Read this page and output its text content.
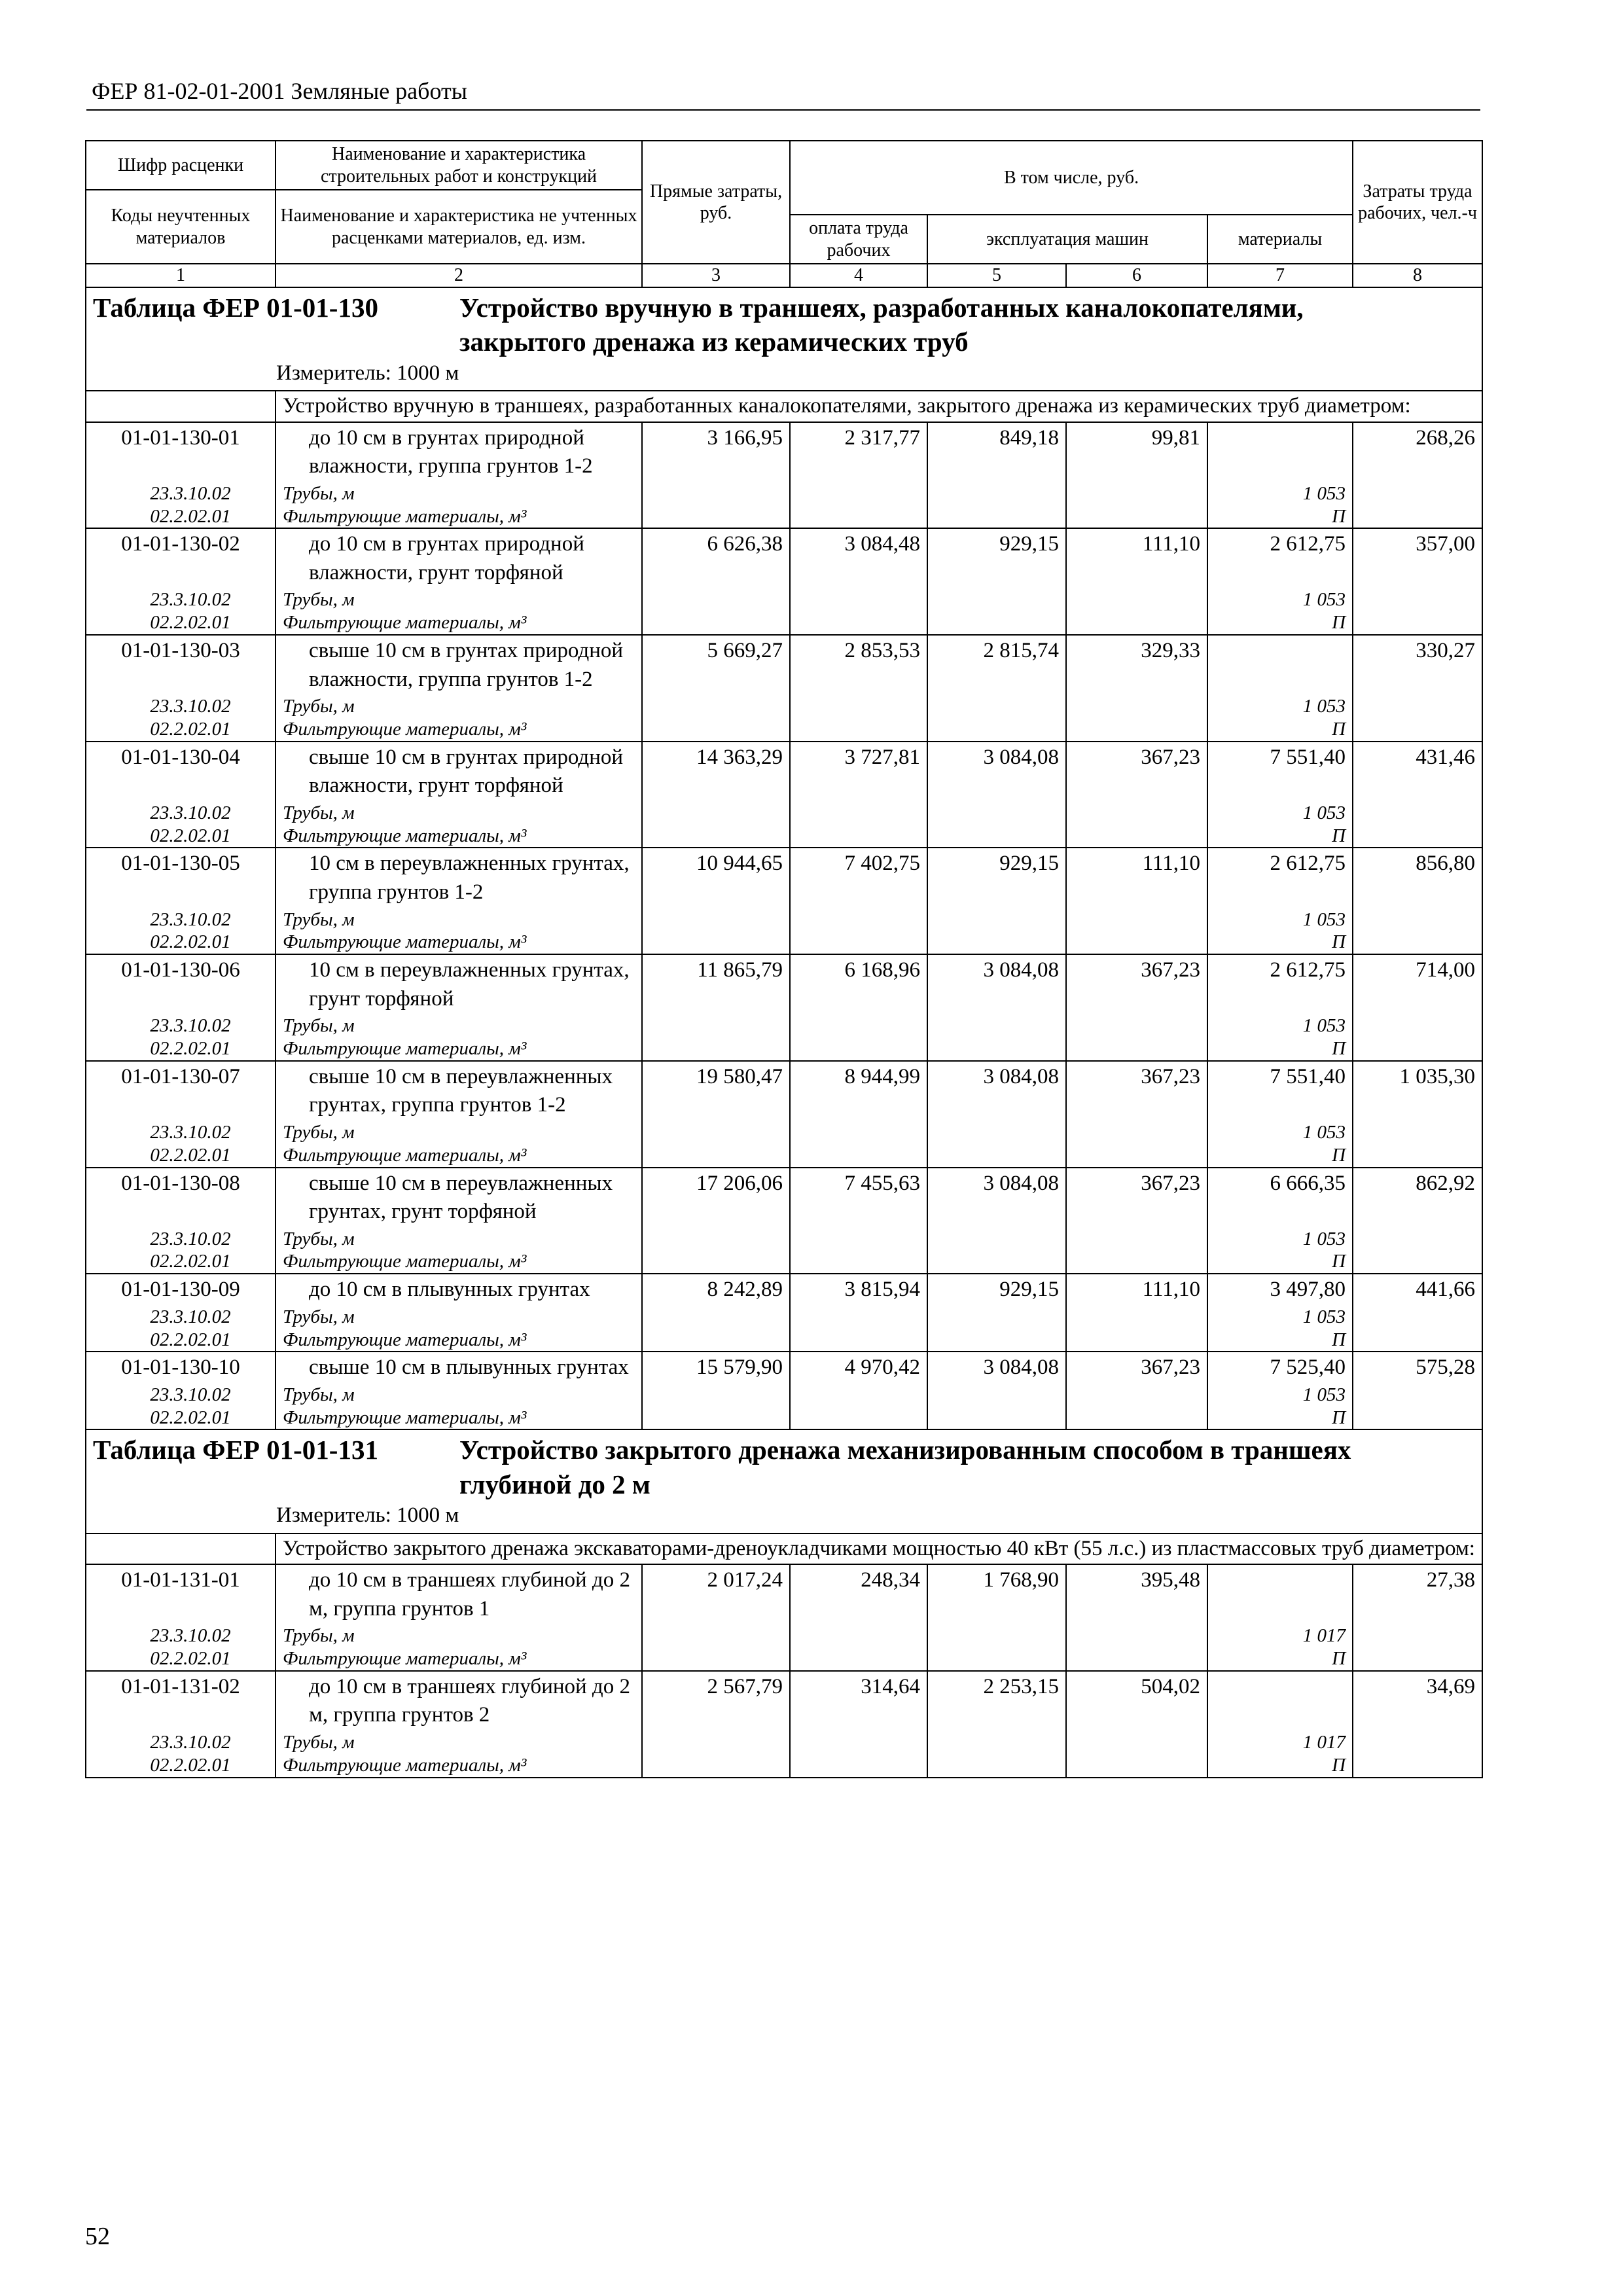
ФЕР 81-02-01-2001 Земляные работы
Шифр расценки	Наименование и характеристика строительных работ и конструкций	Прямые затраты, руб.	В том числе, руб.				Затраты труда рабочих, чел.-ч
Коды неучтенных материалов	Наименование и характеристика не учтенных расценками материалов, ед. изм.						
			оплата труда рабочих	эксплуатация машин		материалы	
1	2	3	4	5	6	7	8
Таблица ФЕР 01-01-130 Устройство вручную в траншеях, разработанных каналокопателями, закрытого дренажа из керамических труб							
Измеритель: 1000 м							
	Устройство вручную в траншеях, разработанных каналокопателями, закрытого дренажа из керамических труб диаметром:						
01-01-130-01	до 10 см в грунтах природной влажности, группа грунтов 1-2	3 166,95	2 317,77	849,18	99,81		268,26
23.3.10.02	Трубы, м					1 053	
02.2.02.01	Фильтрующие материалы, м³					П	
01-01-130-02	до 10 см в грунтах природной влажности, грунт торфяной	6 626,38	3 084,48	929,15	111,10	2 612,75	357,00
23.3.10.02	Трубы, м					1 053	
02.2.02.01	Фильтрующие материалы, м³					П	
01-01-130-03	свыше 10 см в грунтах природной влажности, группа грунтов 1-2	5 669,27	2 853,53	2 815,74	329,33		330,27
23.3.10.02	Трубы, м					1 053	
02.2.02.01	Фильтрующие материалы, м³					П	
01-01-130-04	свыше 10 см в грунтах природной влажности, грунт торфяной	14 363,29	3 727,81	3 084,08	367,23	7 551,40	431,46
23.3.10.02	Трубы, м					1 053	
02.2.02.01	Фильтрующие материалы, м³					П	
01-01-130-05	10 см в переувлажненных грунтах, группа грунтов 1-2	10 944,65	7 402,75	929,15	111,10	2 612,75	856,80
23.3.10.02	Трубы, м					1 053	
02.2.02.01	Фильтрующие материалы, м³					П	
01-01-130-06	10 см в переувлажненных грунтах, грунт торфяной	11 865,79	6 168,96	3 084,08	367,23	2 612,75	714,00
23.3.10.02	Трубы, м					1 053	
02.2.02.01	Фильтрующие материалы, м³					П	
01-01-130-07	свыше 10 см в переувлажненных грунтах, группа грунтов 1-2	19 580,47	8 944,99	3 084,08	367,23	7 551,40	1 035,30
23.3.10.02	Трубы, м					1 053	
02.2.02.01	Фильтрующие материалы, м³					П	
01-01-130-08	свыше 10 см в переувлажненных грунтах, грунт торфяной	17 206,06	7 455,63	3 084,08	367,23	6 666,35	862,92
23.3.10.02	Трубы, м					1 053	
02.2.02.01	Фильтрующие материалы, м³					П	
01-01-130-09	до 10 см в плывунных грунтах	8 242,89	3 815,94	929,15	111,10	3 497,80	441,66
23.3.10.02	Трубы, м					1 053	
02.2.02.01	Фильтрующие материалы, м³					П	
01-01-130-10	свыше 10 см в плывунных грунтах	15 579,90	4 970,42	3 084,08	367,23	7 525,40	575,28
23.3.10.02	Трубы, м					1 053	
02.2.02.01	Фильтрующие материалы, м³					П	
Таблица ФЕР 01-01-131 Устройство закрытого дренажа механизированным способом в траншеях глубиной до 2 м							
Измеритель: 1000 м							
	Устройство закрытого дренажа экскаваторами-дреноукладчиками мощностью 40 кВт (55 л.с.) из пластмассовых труб диаметром:						
01-01-131-01	до 10 см в траншеях глубиной до 2 м, группа грунтов 1	2 017,24	248,34	1 768,90	395,48		27,38
23.3.10.02	Трубы, м					1 017	
02.2.02.01	Фильтрующие материалы, м³					П	
01-01-131-02	до 10 см в траншеях глубиной до 2 м, группа грунтов 2	2 567,79	314,64	2 253,15	504,02		34,69
23.3.10.02	Трубы, м					1 017	
02.2.02.01	Фильтрующие материалы, м³					П	
52
